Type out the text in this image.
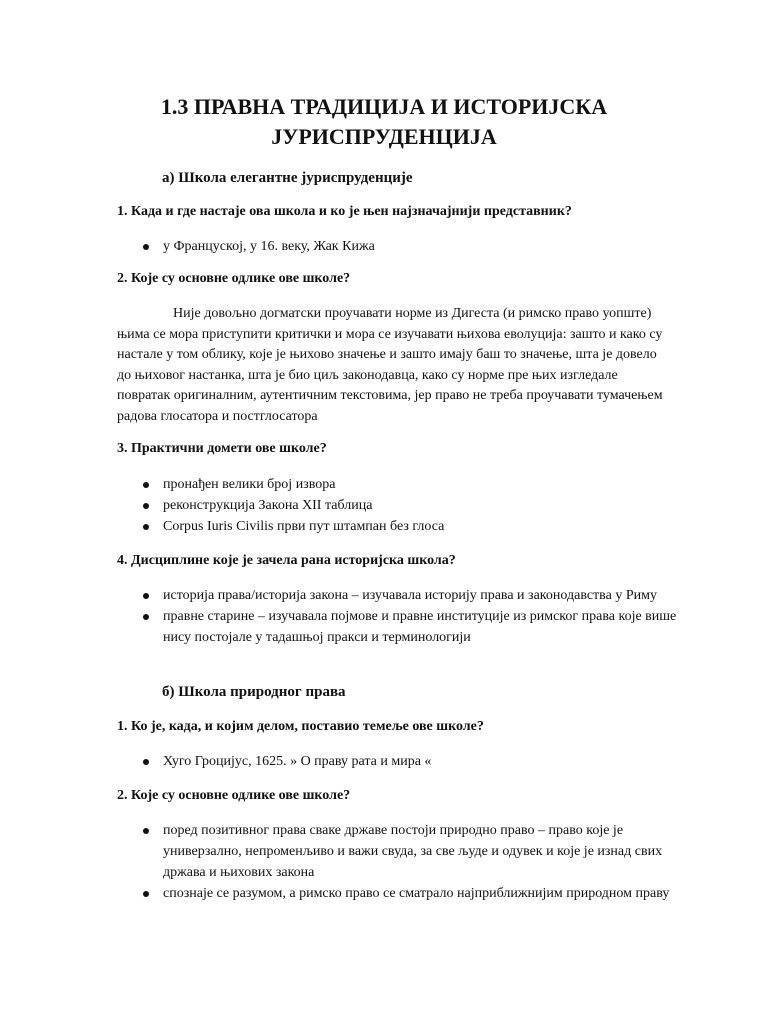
1.3 ПРАВНА ТРАДИЦИЈА И ИСТОРИЈСКА
ЈУРИСПРУДЕНЦИЈА
а) Школа елегантне јуриспруденције
1. Када и где настаје ова школа и ко је њен најзначајнији представник?
у Француској, у 16. веку, Жак Кижа
2. Које су основне одлике ове школе?
Није довољно догматски проучавати норме из Дигеста (и римско право уопште) њима се мора приступити критички и мора се изучавати њихова еволуција: зашто и како су настале у том облику, које је њихово значење и зашто имају баш то значење, шта је довело до њиховог настанка, шта је био циљ законодавца, како су норме пре њих изгледале повратак оригиналним, аутентичним текстовима, јер право не треба проучавати тумачењем радова глосатора и постглосатора
3. Практични домети ове школе?
пронађен велики број извора
реконструкција Закона XII таблица
Corpus Iuris Civilis први пут штампан без глоса
4. Дисциплине које је зачела рана историјска школа?
историја права/историја закона – изучавала историју права и законодавства у Риму
правне старине – изучавала појмове и правне институције из римског права које више нису постојале у тадашњој пракси и терминологији
б) Школа природног права
1. Ко је, када, и којим делом, поставио темеље ове школе?
Хуго Гроцијус, 1625. » О праву рата и мира «
2. Које су основне одлике ове школе?
поред позитивног права сваке државе постоји природно право – право које је универзално, непроменљиво и важи свуда, за све људе и одувек и које је изнад свих држава и њихових закона
спознаје се разумом, а римско право се сматрало најприближнијим природном праву
